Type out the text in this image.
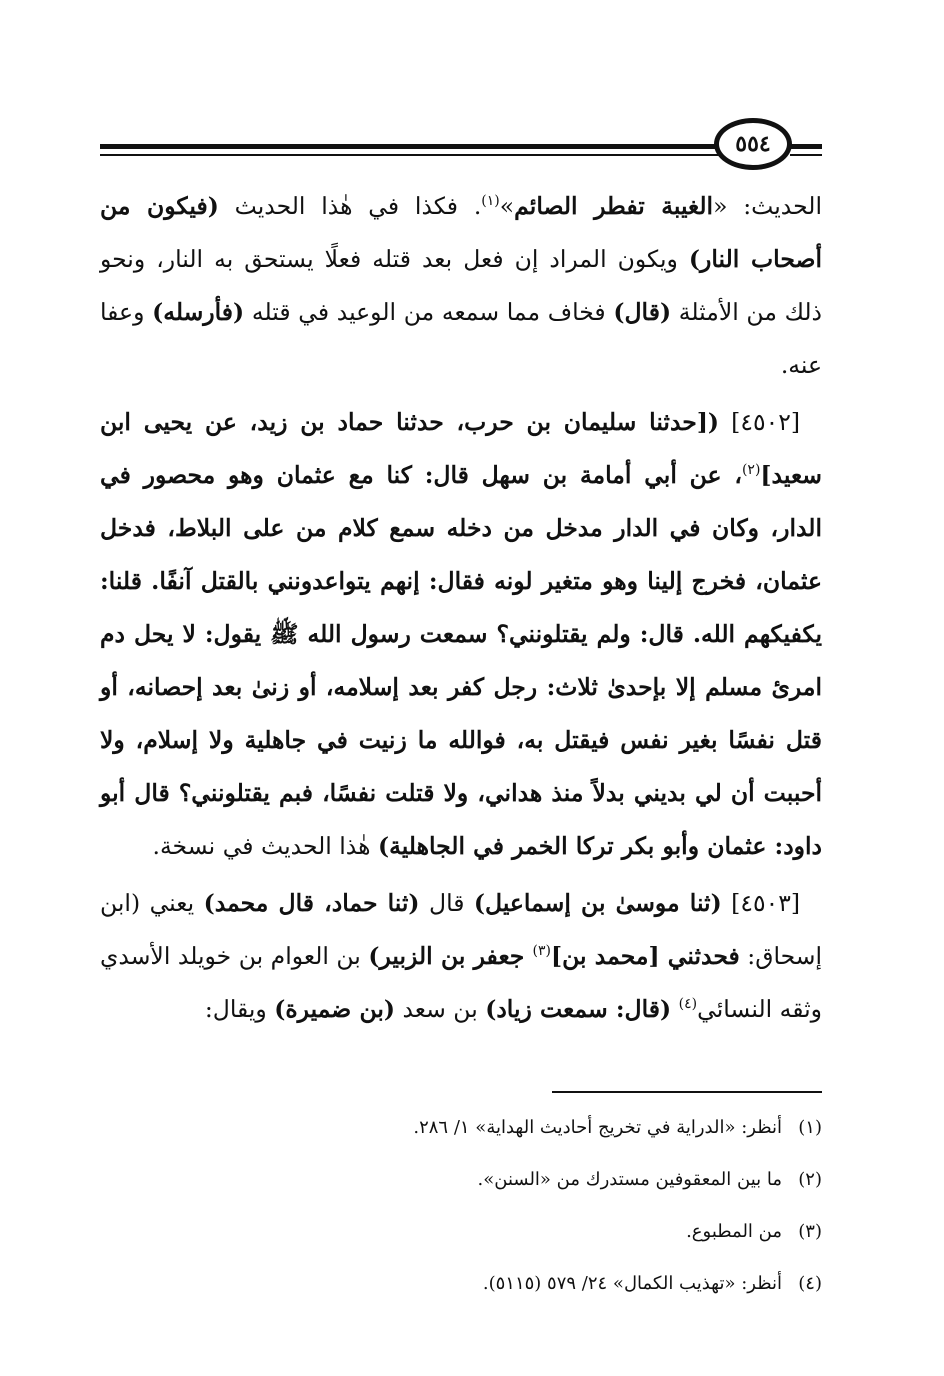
٥٥٤

الحديث: «الغيبة تفطر الصائم»$^{(١)}$. فكذا في هٰذا الحديث (فيكون من أصحاب النار) ويكون المراد إن فعل بعد قتله فعلًا يستحق به النار، ونحو ذلك من الأمثلة (قال) فخاف مما سمعه من الوعيد في قتله (فأرسله) وعفا عنه.

[٤٥٠٢] ([حدثنا سليمان بن حرب، حدثنا حماد بن زيد، عن يحيى ابن سعيد]$^{(٢)}$، عن أبي أمامة بن سهل قال: كنا مع عثمان وهو محصور في الدار، وكان في الدار مدخل من دخله سمع كلام من على البلاط، فدخل عثمان، فخرج إلينا وهو متغير لونه فقال: إنهم يتواعدونني بالقتل آنفًا. قلنا: يكفيكهم الله. قال: ولم يقتلونني؟ سمعت رسول الله ﷺ يقول: لا يحل دم امرئ مسلم إلا بإحدىٰ ثلاث: رجل كفر بعد إسلامه، أو زنىٰ بعد إحصانه، أو قتل نفسًا بغير نفس فيقتل به، فوالله ما زنيت في جاهلية ولا إسلام، ولا أحببت أن لي بديني بدلاً منذ هداني، ولا قتلت نفسًا، فبم يقتلونني؟ قال أبو داود: عثمان وأبو بكر تركا الخمر في الجاهلية) هٰذا الحديث في نسخة.

[٤٥٠٣] (ثنا موسىٰ بن إسماعيل) قال (ثنا حماد، قال محمد) يعني (ابن إسحاق: فحدثني [محمد بن]$^{(٣)}$ جعفر بن الزبير) بن العوام بن خويلد الأسدي وثقه النسائي$^{(٤)}$ (قال: سمعت زياد) بن سعد (بن ضميرة) ويقال:

(١)أنظر: «الدراية في تخريج أحاديث الهداية» ١/ ٢٨٦.
(٢)ما بين المعقوفين مستدرك من «السنن».
(٣)من المطبوع.
(٤)أنظر: «تهذيب الكمال» ٢٤/ ٥٧٩ (٥١١٥).
